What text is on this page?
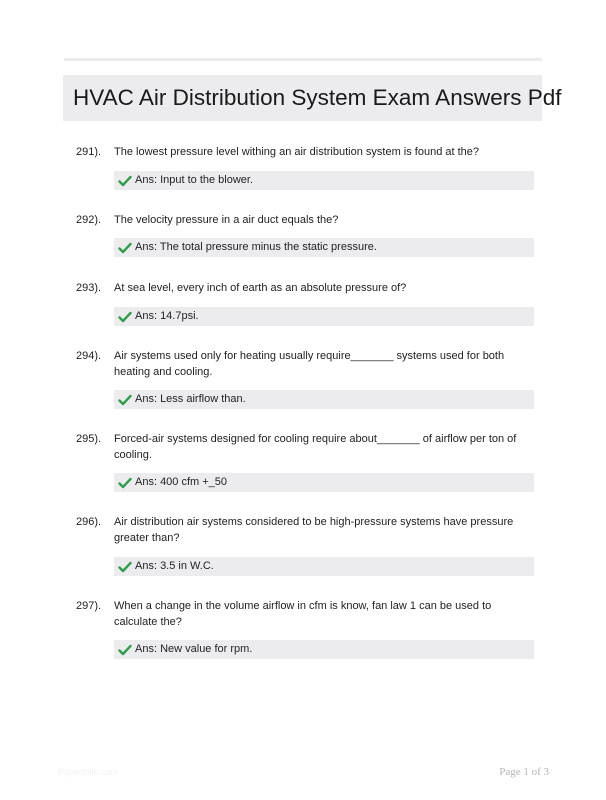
HVAC Air Distribution System Exam Answers Pdf
291). The lowest pressure level withing an air distribution system is found at the?
Ans: Input to the blower.
292). The velocity pressure in a air duct equals the?
Ans: The total pressure minus the static pressure.
293). At sea level, every inch of earth as an absolute pressure of?
Ans: 14.7psi.
294). Air systems used only for heating usually require_______ systems used for both heating and cooling.
Ans: Less airflow than.
295). Forced-air systems designed for cooling require about_______ of airflow per ton of cooling.
Ans: 400 cfm +_50
296). Air distribution air systems considered to be high-pressure systems have pressure greater than?
Ans: 3.5 in W.C.
297). When a change in the volume airflow in cfm is know, fan law 1 can be used to calculate the?
Ans: New value for rpm.
Paperfolio.com	Page 1 of 3
